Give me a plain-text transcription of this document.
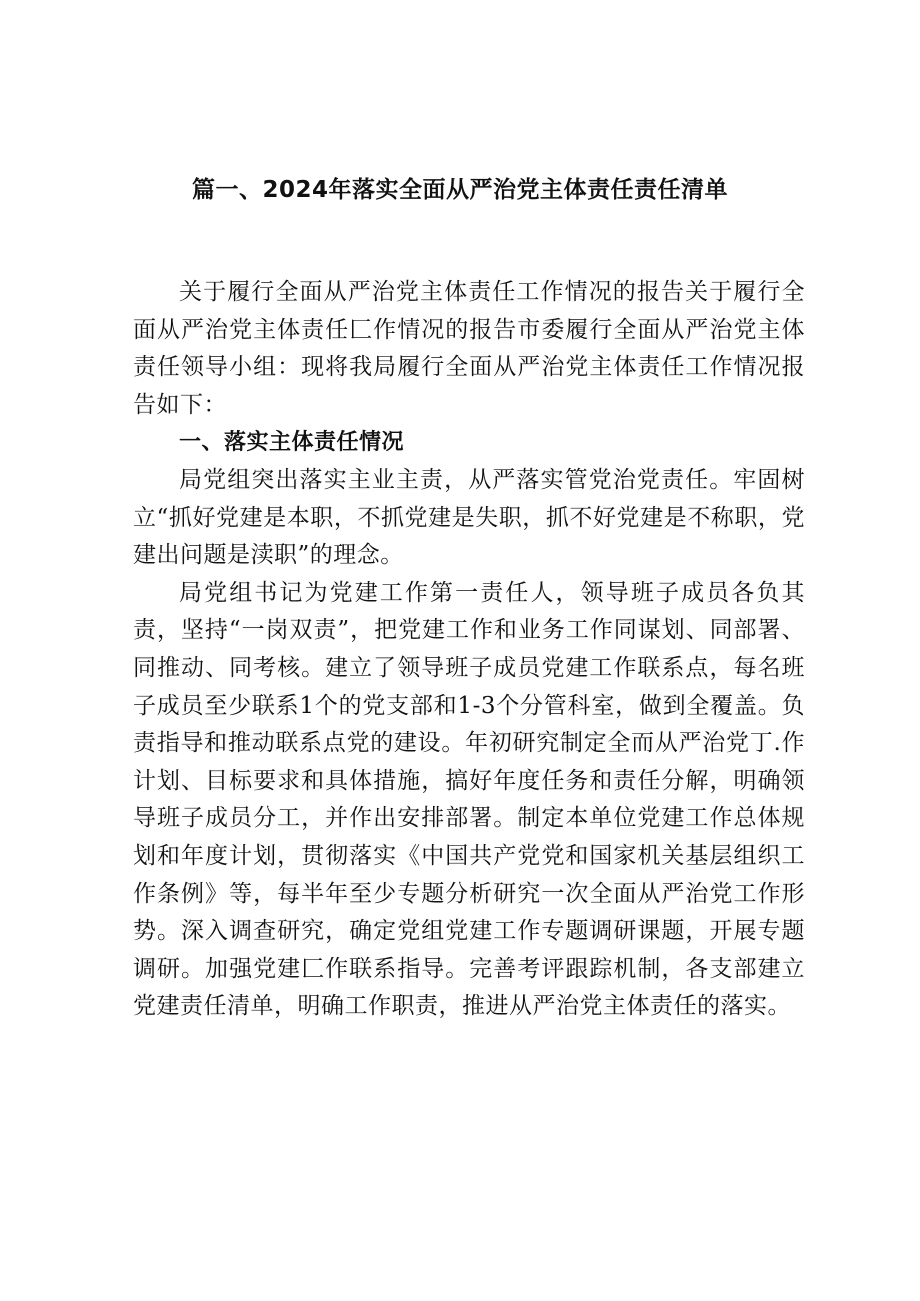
篇一、2024年落实全面从严治党主体责任责任清单

关于履行全面从严治党主体责任工作情况的报告关于履行全面从严治党主体责任匚作情况的报告市委履行全面从严治党主体责任领导小组：现将我局履行全面从严治党主体责任工作情况报告如下：

一、落实主体责任情况

局党组突出落实主业主责，从严落实管党治党责任。牢固树立“抓好党建是本职，不抓党建是失职，抓不好党建是不称职，党建出问题是渎职”的理念。

局党组书记为党建工作第一责任人，领导班子成员各负其责，坚持“一岗双责”，把党建工作和业务工作同谋划、同部署、同推动、同考核。建立了领导班子成员党建工作联系点，每名班子成员至少联系1个的党支部和1-3个分管科室，做到全覆盖。负责指导和推动联系点党的建设。年初研究制定全而从严治党丁.作计划、目标要求和具体措施，搞好年度任务和责任分解，明确领导班子成员分工，并作出安排部署。制定本单位党建工作总体规划和年度计划，贯彻落实《中国共产党党和国家机关基层组织工作条例》等，每半年至少专题分析研究一次全面从严治党工作形势。深入调查研究，确定党组党建工作专题调研课题，开展专题调研。加强党建匚作联系指导。完善考评跟踪机制，各支部建立党建责任清单，明确工作职责，推进从严治党主体责任的落实。
